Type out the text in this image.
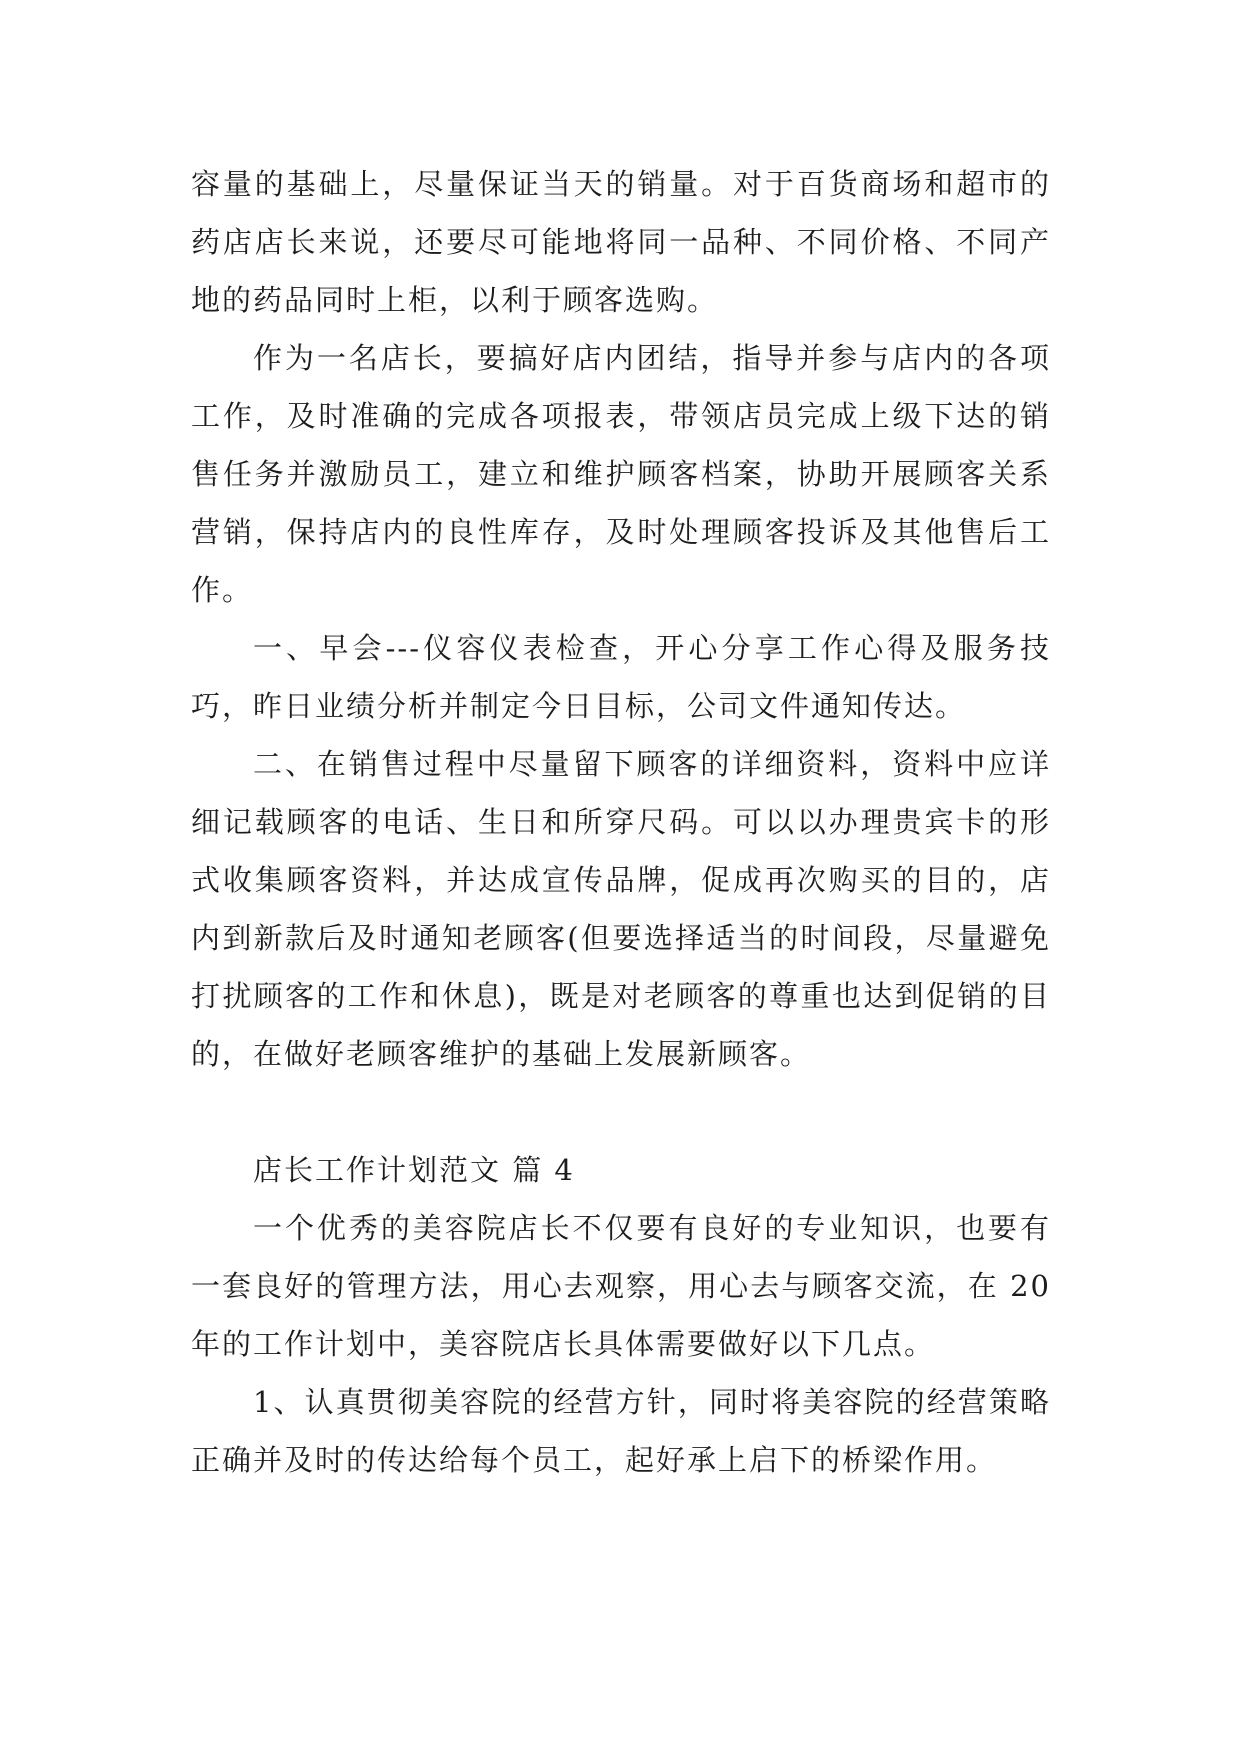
容量的基础上，尽量保证当天的销量。对于百货商场和超市的药店店长来说，还要尽可能地将同一品种、不同价格、不同产地的药品同时上柜，以利于顾客选购。

作为一名店长，要搞好店内团结，指导并参与店内的各项工作，及时准确的完成各项报表，带领店员完成上级下达的销售任务并激励员工，建立和维护顾客档案，协助开展顾客关系营销，保持店内的良性库存，及时处理顾客投诉及其他售后工作。

一、早会---仪容仪表检查，开心分享工作心得及服务技巧，昨日业绩分析并制定今日目标，公司文件通知传达。

二、在销售过程中尽量留下顾客的详细资料，资料中应详细记载顾客的电话、生日和所穿尺码。可以以办理贵宾卡的形式收集顾客资料，并达成宣传品牌，促成再次购买的目的，店内到新款后及时通知老顾客(但要选择适当的时间段，尽量避免打扰顾客的工作和休息)，既是对老顾客的尊重也达到促销的目的，在做好老顾客维护的基础上发展新顾客。

店长工作计划范文 篇 4

一个优秀的美容院店长不仅要有良好的专业知识，也要有一套良好的管理方法，用心去观察，用心去与顾客交流，在 20 年的工作计划中，美容院店长具体需要做好以下几点。

1、认真贯彻美容院的经营方针，同时将美容院的经营策略正确并及时的传达给每个员工，起好承上启下的桥梁作用。
